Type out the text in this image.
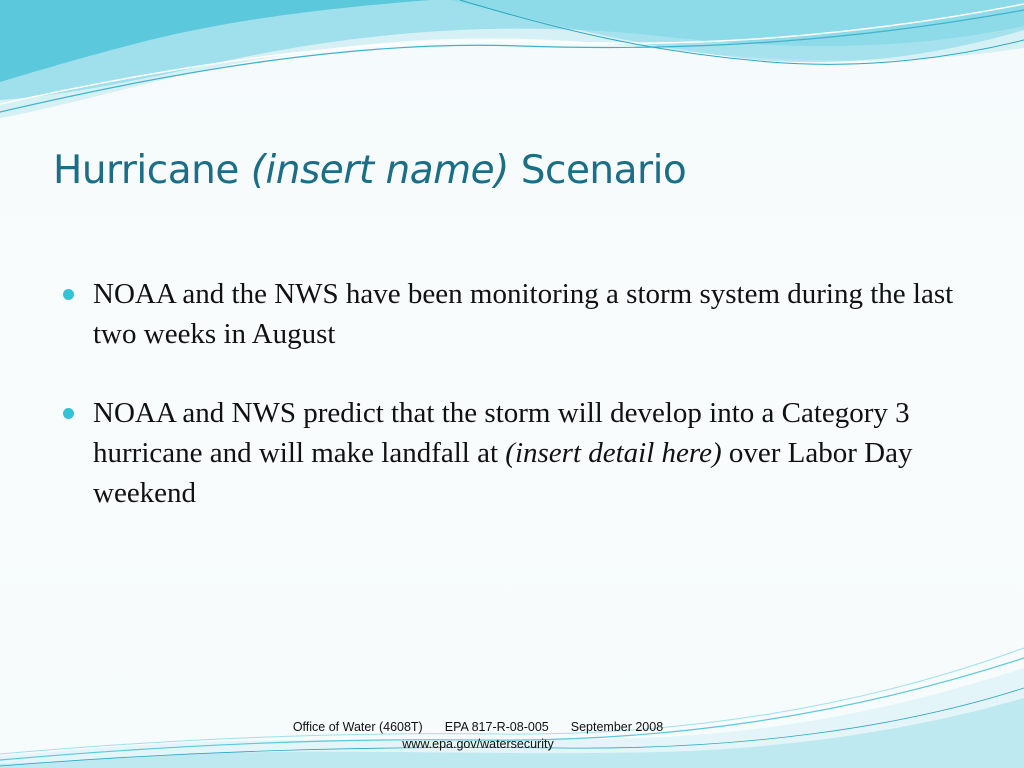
Hurricane (insert name) Scenario
NOAA and the NWS have been monitoring a storm system during the last two weeks in August
NOAA and NWS predict that the storm will develop into a Category 3 hurricane and will make landfall at (insert detail here) over Labor Day weekend
Office of Water (4608T) EPA 817-R-08-005 September 2008
www.epa.gov/watersecurity
